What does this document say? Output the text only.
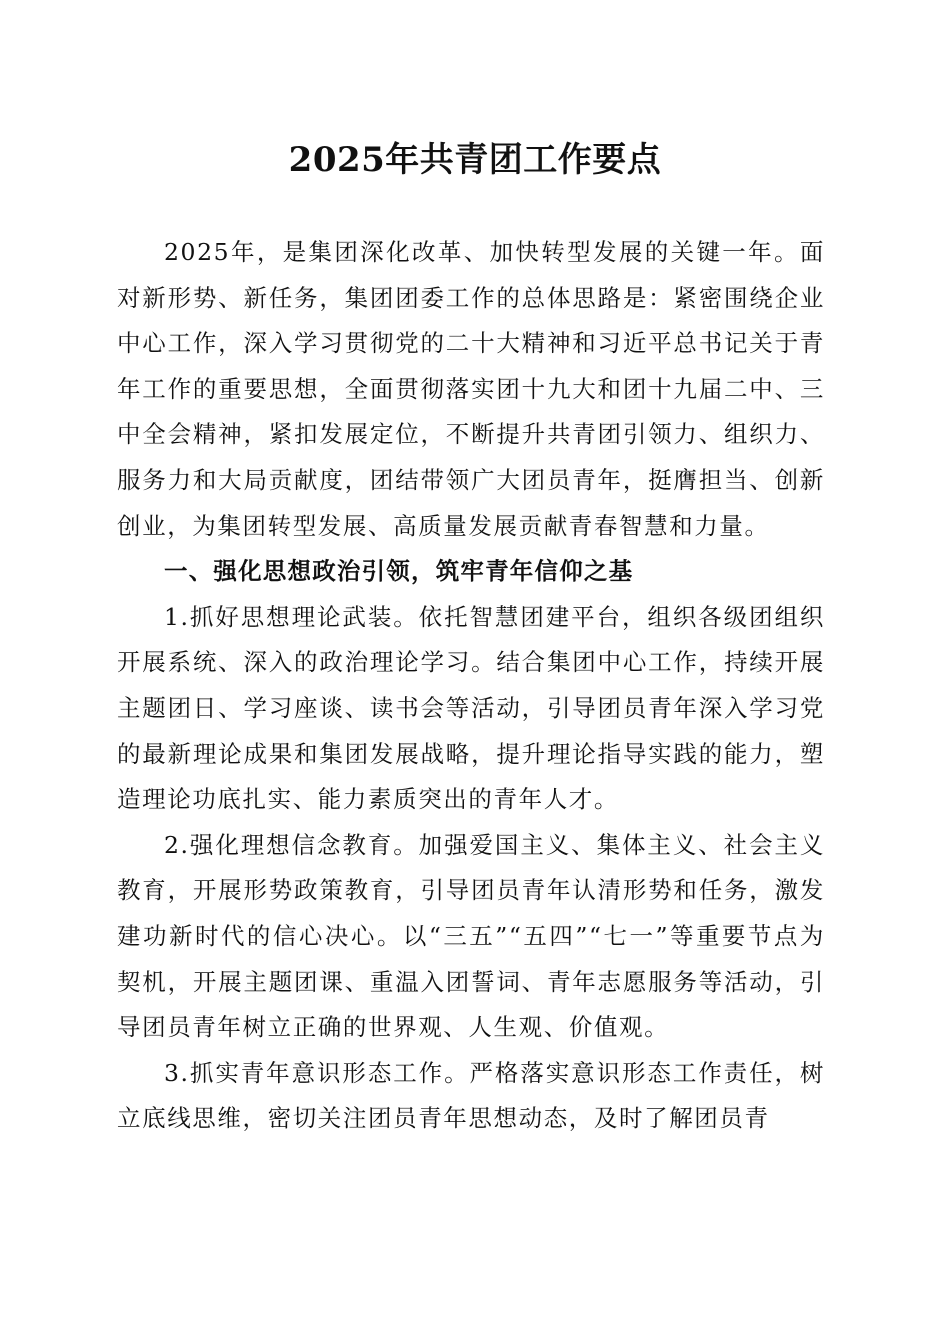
2025年共青团工作要点

2025年，是集团深化改革、加快转型发展的关键一年。面对新形势、新任务，集团团委工作的总体思路是：紧密围绕企业中心工作，深入学习贯彻党的二十大精神和习近平总书记关于青年工作的重要思想，全面贯彻落实团十九大和团十九届二中、三中全会精神，紧扣发展定位，不断提升共青团引领力、组织力、服务力和大局贡献度，团结带领广大团员青年，挺膺担当、创新创业，为集团转型发展、高质量发展贡献青春智慧和力量。

一、强化思想政治引领，筑牢青年信仰之基

1.抓好思想理论武装。依托智慧团建平台，组织各级团组织开展系统、深入的政治理论学习。结合集团中心工作，持续开展主题团日、学习座谈、读书会等活动，引导团员青年深入学习党的最新理论成果和集团发展战略，提升理论指导实践的能力，塑造理论功底扎实、能力素质突出的青年人才。

2.强化理想信念教育。加强爱国主义、集体主义、社会主义教育，开展形势政策教育，引导团员青年认清形势和任务，激发建功新时代的信心决心。以“三五”“五四”“七一”等重要节点为契机，开展主题团课、重温入团誓词、青年志愿服务等活动，引导团员青年树立正确的世界观、人生观、价值观。

3.抓实青年意识形态工作。严格落实意识形态工作责任，树立底线思维，密切关注团员青年思想动态，及时了解团员青
